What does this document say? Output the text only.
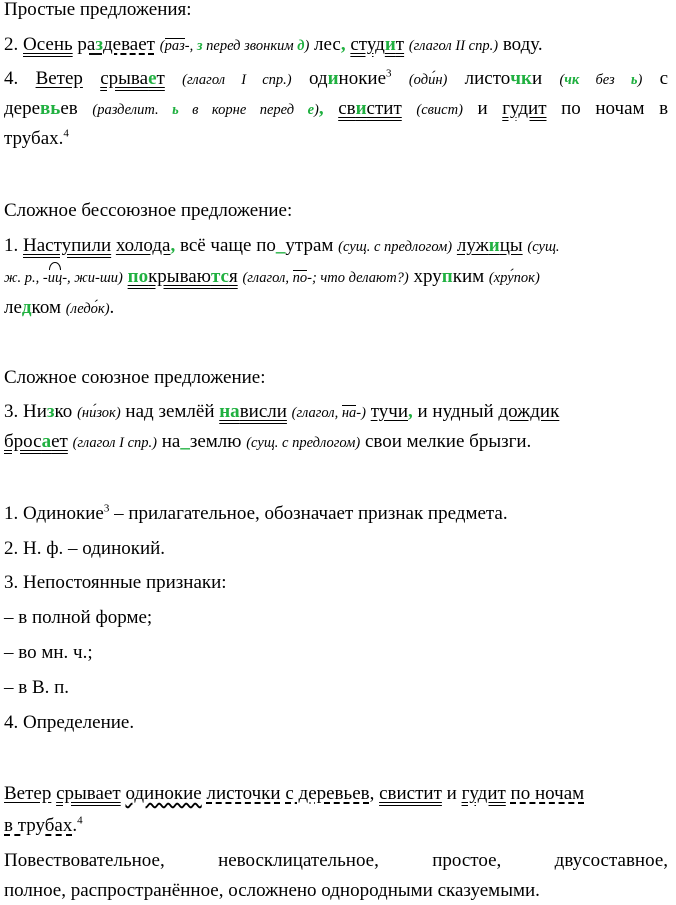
Простые предложения:
2. Осень раздевает (раз-, з перед звонким д) лес, студит (глагол II спр.) воду.
4. Ветер срывает (глагол I спр.) одинокие$^3$ (оди́н) листочки (чк без ь) с
деревьев (разделит. ь в корне перед е), свистит (свист) и гудит по ночам в
трубах.$^4$
Сложное бессоюзное предложение:
1. Наступили холода, всё чаще по_утрам (сущ. с предлогом) лужицы (сущ.
ж. р., -иц-, жи-ши) покрываются (глагол, по-; что делают?) хрупким (хру́пок)
ледком (ледо́к).
Сложное союзное предложение:
3. Низко (ни́зок) над землёй нависли (глагол, на-) тучи, и нудный дождик
бросает (глагол I спр.) на_землю (сущ. с предлогом) свои мелкие брызги.
1. Одинокие$^3$ – прилагательное, обозначает признак предмета.
2. Н. ф. – одинокий.
3. Непостоянные признаки:
– в полной форме;
– во мн. ч.;
– в В. п.
4. Определение.
Ветер срывает одинокие листочки с деревьев, свистит и гудит по ночам
в трубах.$^4$
Повествовательное, невосклицательное, простое, двусоставное,
полное, распространённое, осложнено однородными сказуемыми.
